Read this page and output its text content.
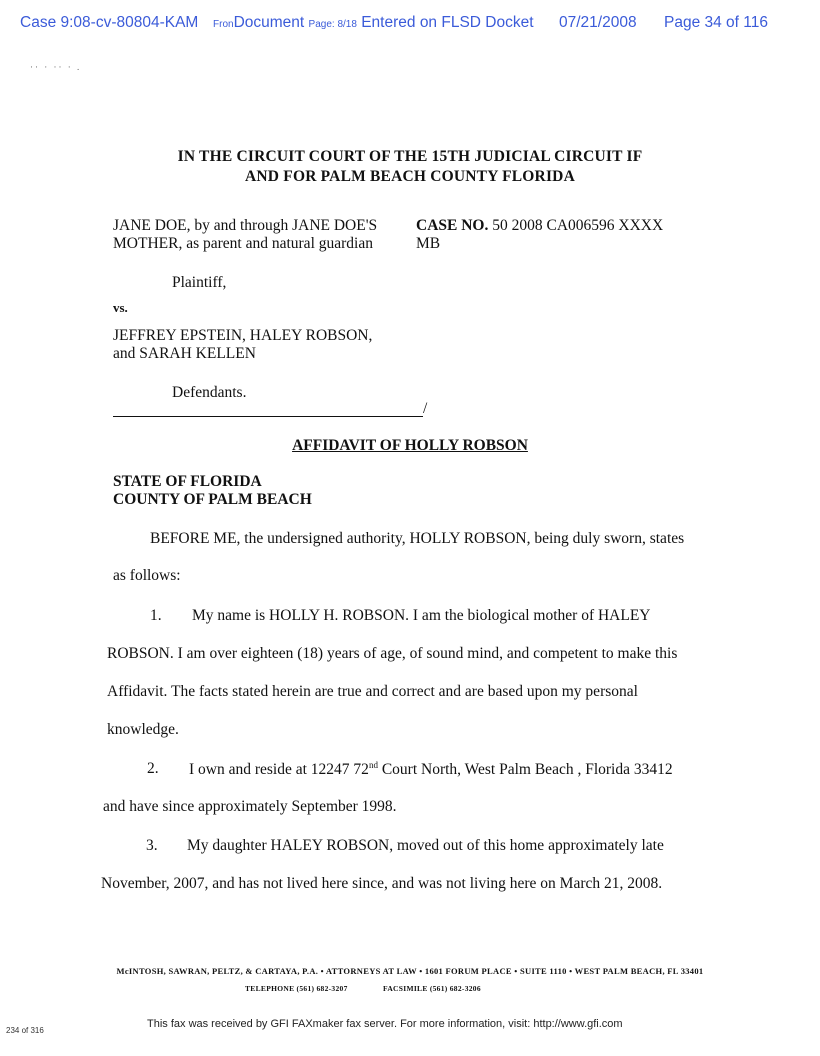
Case 9:08-cv-80804-KAM FronDocument Page: 8/18 Entered on FLSD Docket 07/21/2008 Page 34 of 116
·· · ·· · .
IN THE CIRCUIT COURT OF THE 15TH JUDICIAL CIRCUIT IF
AND FOR PALM BEACH COUNTY FLORIDA
JANE DOE, by and through JANE DOE'S
MOTHER, as parent and natural guardian
CASE NO. 50 2008 CA006596 XXXX
MB
Plaintiff,
vs.
JEFFREY EPSTEIN, HALEY ROBSON,
and SARAH KELLEN
Defendants.
/
AFFIDAVIT OF HOLLY ROBSON
STATE OF FLORIDA
COUNTY OF PALM BEACH
BEFORE ME, the undersigned authority, HOLLY ROBSON, being duly sworn, states
as follows:
1. My name is HOLLY H. ROBSON. I am the biological mother of HALEY
ROBSON. I am over eighteen (18) years of age, of sound mind, and competent to make this
Affidavit. The facts stated herein are true and correct and are based upon my personal
knowledge.
2. I own and reside at 12247 72nd Court North, West Palm Beach , Florida 33412
and have since approximately September 1998.
3. My daughter HALEY ROBSON, moved out of this home approximately late
November, 2007, and has not lived here since, and was not living here on March 21, 2008.
McINTOSH, SAWRAN, PELTZ, & CARTAYA, P.A. • ATTORNEYS AT LAW • 1601 FORUM PLACE • SUITE 1110 • WEST PALM BEACH, FL 33401
TELEPHONE (561) 682-3207	FACSIMILE (561) 682-3206
234 of 316
This fax was received by GFI FAXmaker fax server. For more information, visit: http://www.gfi.com
